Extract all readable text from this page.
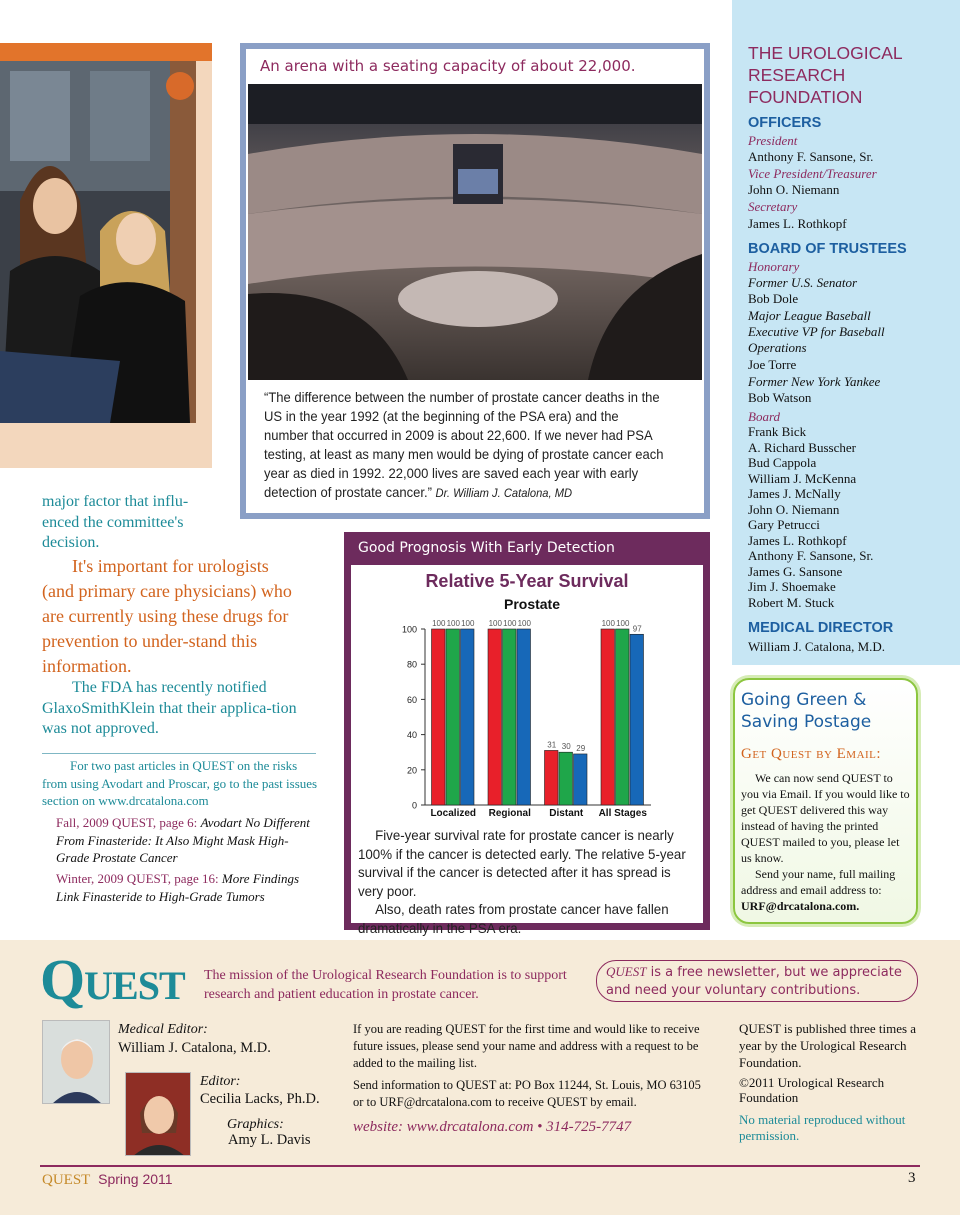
major factor that influ-enced the committee's decision.

It's important for urologists (and primary care physicians) who are currently using these drugs for prevention to under-stand this information.

The FDA has recently notified GlaxoSmithKlein that their applica-tion was not approved.

For two past articles in QUEST on the risks from using Avodart and Proscar, go to the past issues section on www.drcatalona.com

Fall, 2009 QUEST, page 6: Avodart No Different From Finasteride: It Also Might Mask High-Grade Prostate Cancer

Winter, 2009 QUEST, page 16: More Findings Link Finasteride to High-Grade Tumors

An arena with a seating capacity of about 22,000.
“The difference between the number of prostate cancer deaths in the US in the year 1992 (at the beginning of the PSA era) and the number that occurred in 2009 is about 22,600. If we never had PSA testing, at least as many men would be dying of prostate cancer each year as died in 1992. 22,000 lives are saved each year with early detection of prostate cancer.” Dr. William J. Catalona, MD
Good Prognosis With Early Detection
Relative 5-Year Survival
Prostate
0
20
40
60
80
100
100 100 100
Localized
100 100 100
Regional
31 30 29
Distant
100 100
97
All Stages

Five-year survival rate for prostate cancer is nearly 100% if the cancer is detected early. The relative 5-year survival if the cancer is detected after it has spread is very poor.

Also, death rates from prostate cancer have fallen dramatically in the PSA era.

THE UROLOGICAL RESEARCH FOUNDATION
OFFICERS
President
Anthony F. Sansone, Sr.
Vice President/Treasurer
John O. Niemann
Secretary
James L. Rothkopf
BOARD OF TRUSTEES
Honorary
Former U.S. Senator
Bob Dole
Major League Baseball
Executive VP for Baseball
Operations
Joe Torre
Former New York Yankee
Bob Watson
Board
Frank Bick
A. Richard Busscher
Bud Cappola
William J. McKenna
James J. McNally
John O. Niemann
Gary Petrucci
James L. Rothkopf
Anthony F. Sansone, Sr.
James G. Sansone
Jim J. Shoemake
Robert M. Stuck
MEDICAL DIRECTOR
William J. Catalona, M.D.
Going Green & Saving Postage
Get Quest by Email:

We can now send QUEST to you via Email. If you would like to get QUEST delivered this way instead of having the printed QUEST mailed to you, please let us know.

Send your name, full mailing address and email address to:

URF@drcatalona.com.

QUEST The mission of the Urological Research Foundation is to support research and patient education in prostate cancer.
QUEST is a free newsletter, but we appreciate and need your voluntary contributions.
Medical Editor:
William J. Catalona, M.D.
Editor:
Cecilia Lacks, Ph.D.
Graphics:
Amy L. Davis
If you are reading QUEST for the first time and would like to receive future issues, please send your name and address with a request to be added to the mailing list.
Send information to QUEST at: PO Box 11244, St. Louis, MO 63105 or to URF@drcatalona.com to receive QUEST by email.
website: www.drcatalona.com • 314-725-7747
QUEST is published three times a year by the Urological Research Foundation.
©2011 Urological Research Foundation
No material reproduced without permission.
QUEST Spring 2011	3
